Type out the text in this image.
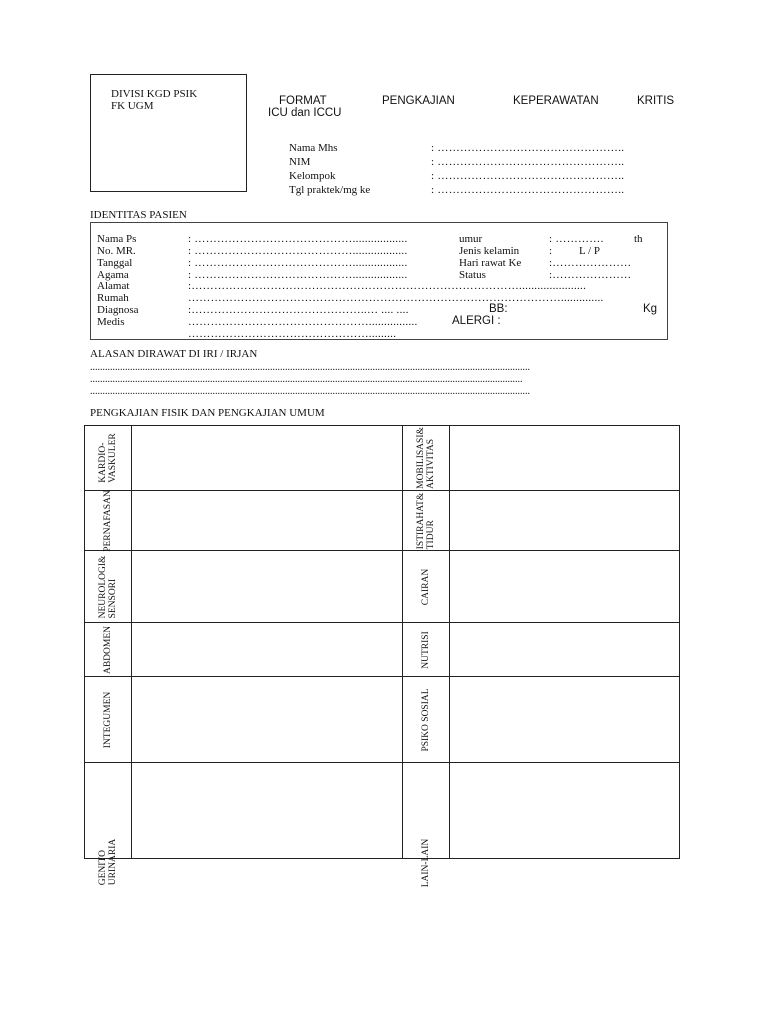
DIVISI KGD PSIK
FK UGM	FORMAT	PENGKAJIAN	KEPERAWATAN	KRITIS
ICU dan ICCU
Nama Mhs	: …………………………………………..
NIM	: …………………………………………..
Kelompok	: …………………………………………..
Tgl praktek/mg ke	: …………………………………………..
IDENTITAS PASIEN
Nama Ps	: ……………………………………..................
No. MR.	: ……………………………………..................
Tanggal	: ……………………………………..................
Agama	: ……………………………………..................
Alamat	:……………………………………………………………………………......................
Rumah	………………………………………………………………………………………..............
Diagnosa	:………………………………………..… .... ....
Medis	…………………………………………................
………………………………………….........
umur	: ………….	th
Jenis kelamin	: L / P
Hari rawat Ke	:…………………
Status	:…………………
BB:	Kg
ALERGI :
ALASAN DIRAWAT DI IRI / IRJAN
................................................................................................................................................................................
.............................................................................................................................................................................
................................................................................................................................................................................
PENGKAJIAN FISIK DAN PENGKAJIAN UMUM
KARDIO-
VASKULER		MOBILISASI&
AKTIVITAS	

PERNAFASAN		ISTIRAHAT&
TIDUR	

NEUROLOGI&
SENSORI		CAIRAN	

ABDOMEN		NUTRISI	

INTEGUMEN		PSIKO SOSIAL	

GENITO
URINARIA		LAIN-LAIN	
